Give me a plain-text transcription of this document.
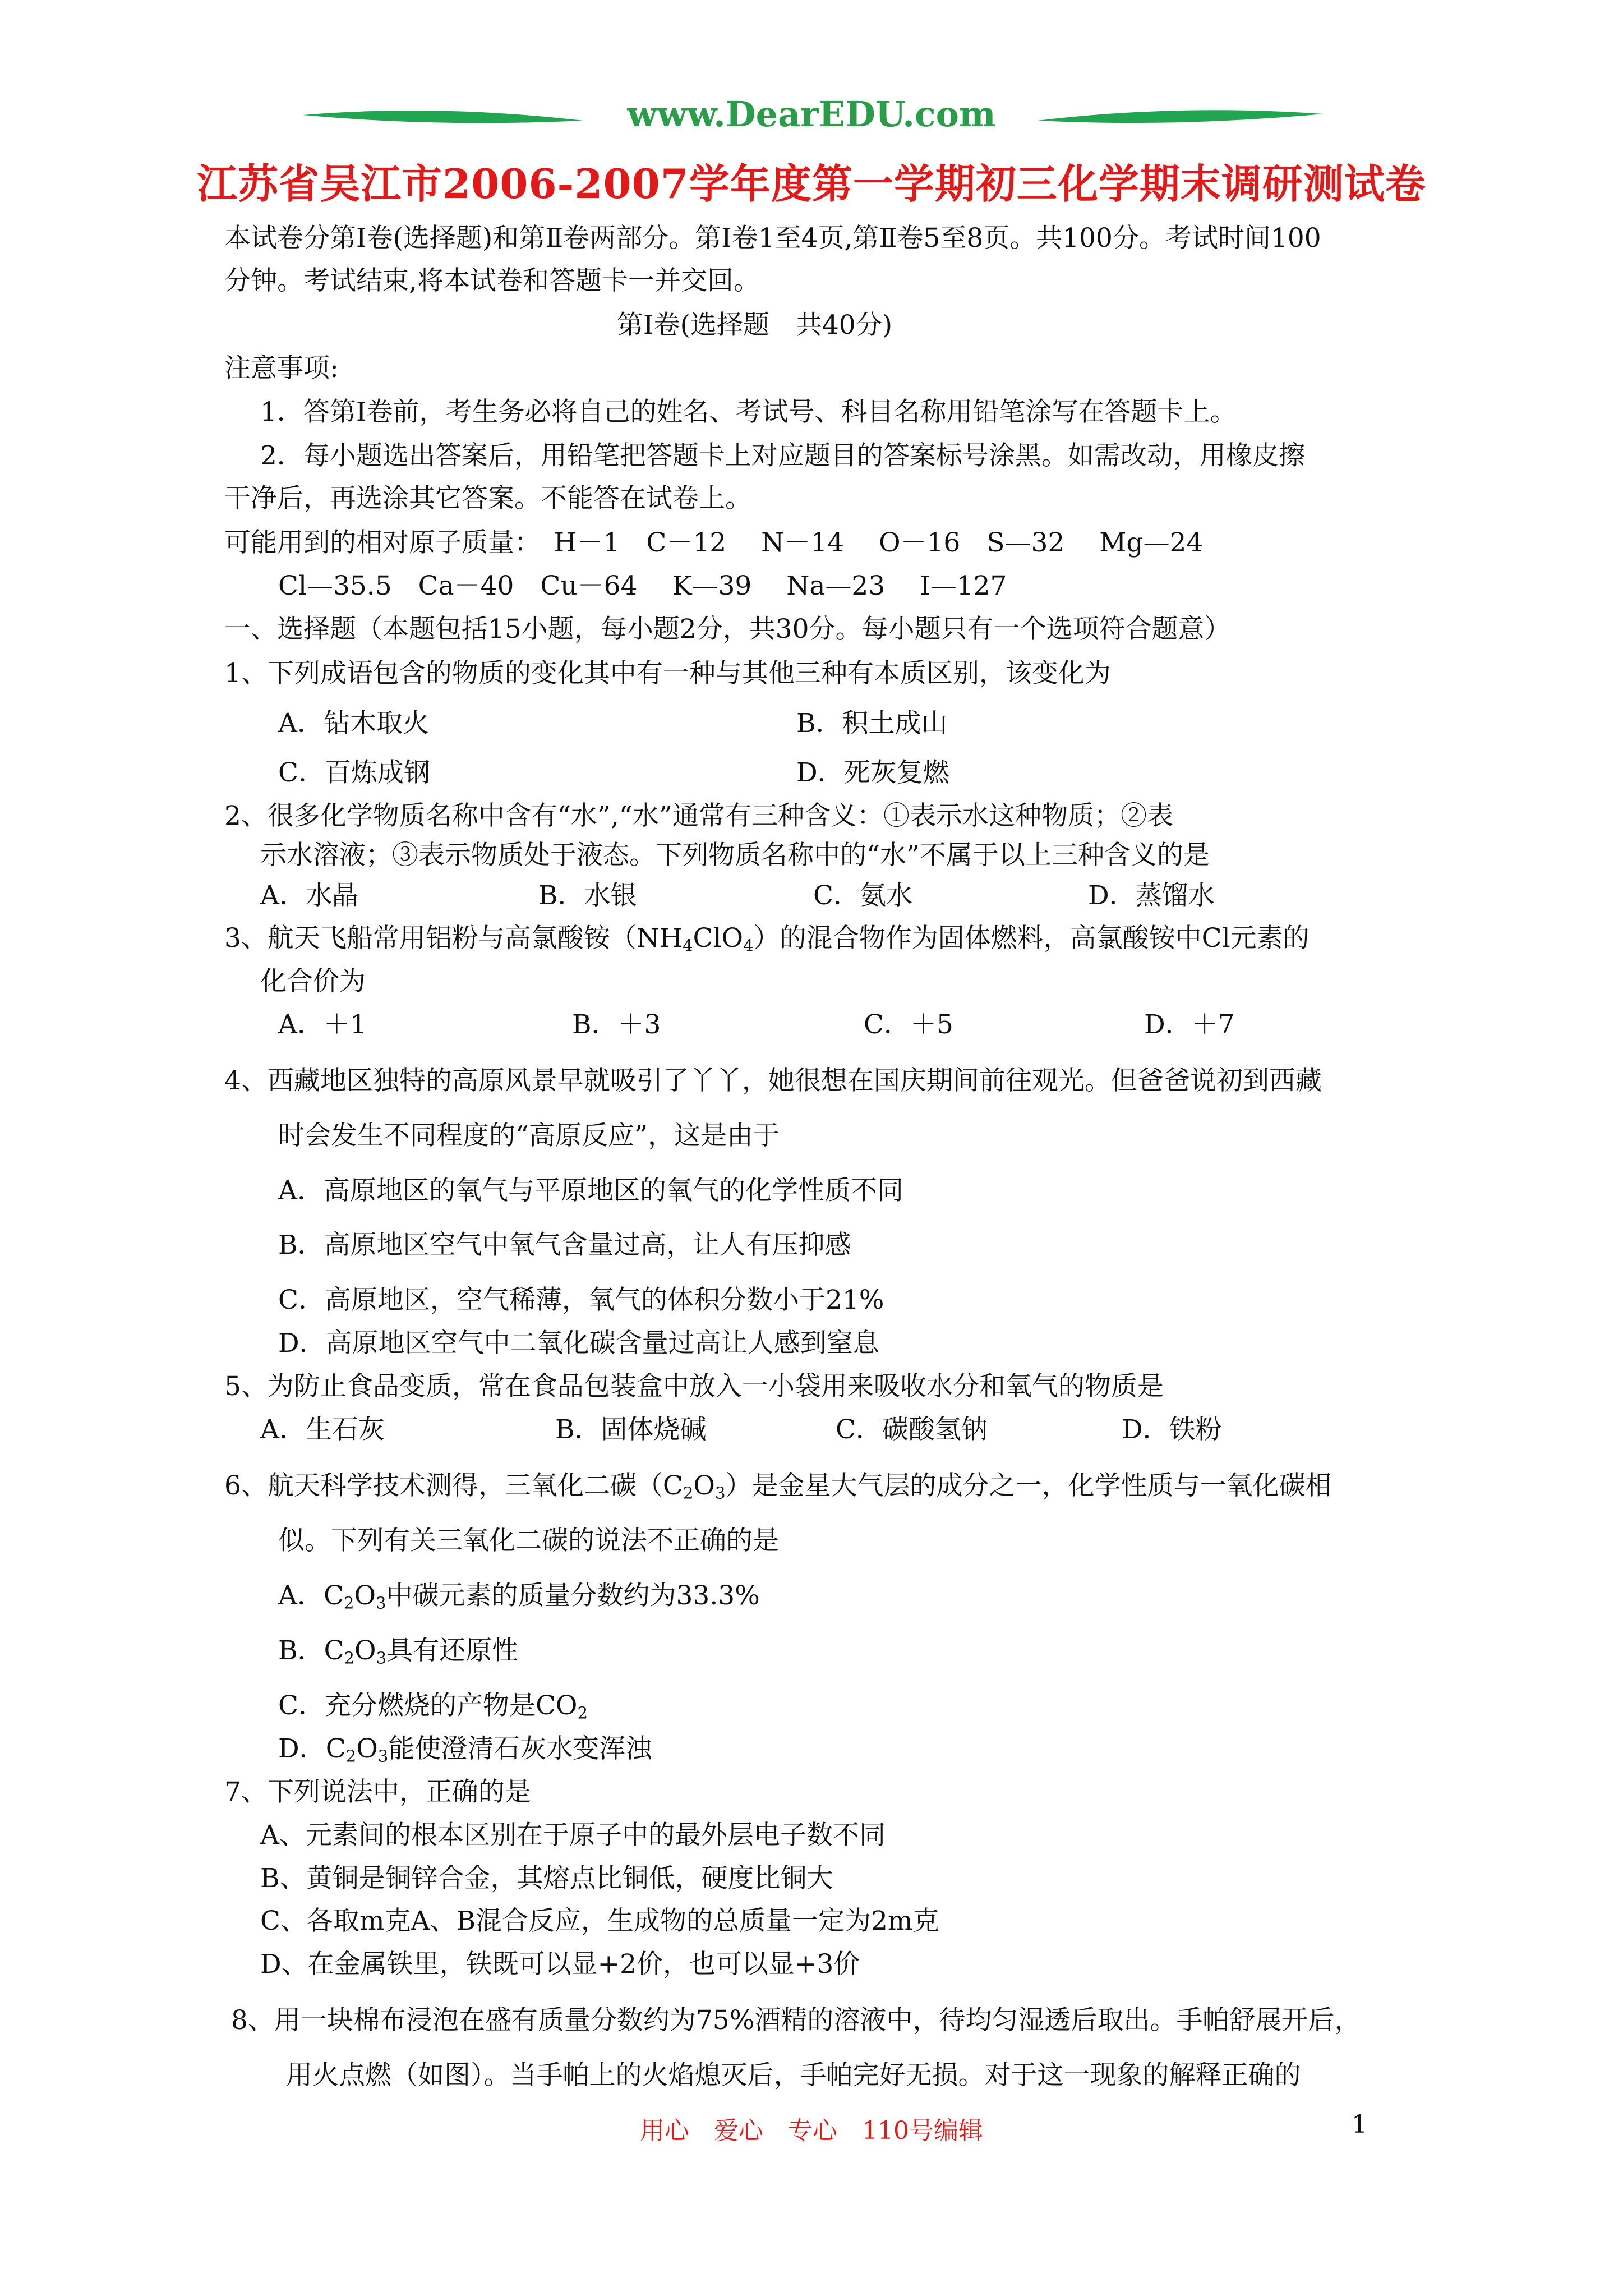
www.DearEDU.com
江苏省吴江市2006-2007学年度第一学期初三化学期末调研测试卷
本试卷分第Ⅰ卷(选择题)和第Ⅱ卷两部分。第Ⅰ卷1至4页,第Ⅱ卷5至8页。共100分。考试时间100
分钟。考试结束,将本试卷和答题卡一并交回。
第Ⅰ卷(选择题　共40分)
注意事项:
1．答第Ⅰ卷前，考生务必将自己的姓名、考试号、科目名称用铅笔涂写在答题卡上。
2．每小题选出答案后，用铅笔把答题卡上对应题目的答案标号涂黑。如需改动，用橡皮擦
干净后，再选涂其它答案。不能答在试卷上。
可能用到的相对原子质量：　H－1　C－12　 N－14　 O－16　S—32　 Mg—24
Cl—35.5　Ca－40　Cu－64　 K—39　 Na—23　 I—127
一、选择题（本题包括15小题，每小题2分，共30分。每小题只有一个选项符合题意）
1、下列成语包含的物质的变化其中有一种与其他三种有本质区别，该变化为
A．钻木取火	B．积土成山
C．百炼成钢	D．死灰复燃
2、很多化学物质名称中含有“水”,“水”通常有三种含义：①表示水这种物质；②表
示水溶液；③表示物质处于液态。下列物质名称中的“水”不属于以上三种含义的是
A．水晶	B．水银	C．氨水	D．蒸馏水
3、航天飞船常用铝粉与高氯酸铵$(NH_4ClO_4)$的混合物作为固体燃料，高氯酸铵中Cl元素的
化合价为
A．＋1	B．＋3	C．＋5	D．＋7
4、西藏地区独特的高原风景早就吸引了丫丫，她很想在国庆期间前往观光。但爸爸说初到西藏
时会发生不同程度的“高原反应”，这是由于
A．高原地区的氧气与平原地区的氧气的化学性质不同
B．高原地区空气中氧气含量过高，让人有压抑感
C．高原地区，空气稀薄，氧气的体积分数小于21%
D．高原地区空气中二氧化碳含量过高让人感到窒息
5、为防止食品变质，常在食品包装盒中放入一小袋用来吸收水分和氧气的物质是
A．生石灰	B．固体烧碱	C．碳酸氢钠	D．铁粉
6、航天科学技术测得，三氧化二碳$(C_2O_3)$是金星大气层的成分之一，化学性质与一氧化碳相
似。下列有关三氧化二碳的说法不正确的是
A．$C_2O_3$中碳元素的质量分数约为33.3%
B．$C_2O_3$具有还原性
C．充分燃烧的产物是$CO_2$
D．$C_2O_3$能使澄清石灰水变浑浊
7、下列说法中，正确的是
A、元素间的根本区别在于原子中的最外层电子数不同
B、黄铜是铜锌合金，其熔点比铜低，硬度比铜大
C、各取m克A、B混合反应，生成物的总质量一定为2m克
D、在金属铁里，铁既可以显+2价，也可以显+3价
8、用一块棉布浸泡在盛有质量分数约为75%酒精的溶液中，待均匀湿透后取出。手帕舒展开后，
用火点燃（如图）。当手帕上的火焰熄灭后，手帕完好无损。对于这一现象的解释正确的
用心　爱心　专心　110号编辑	1
